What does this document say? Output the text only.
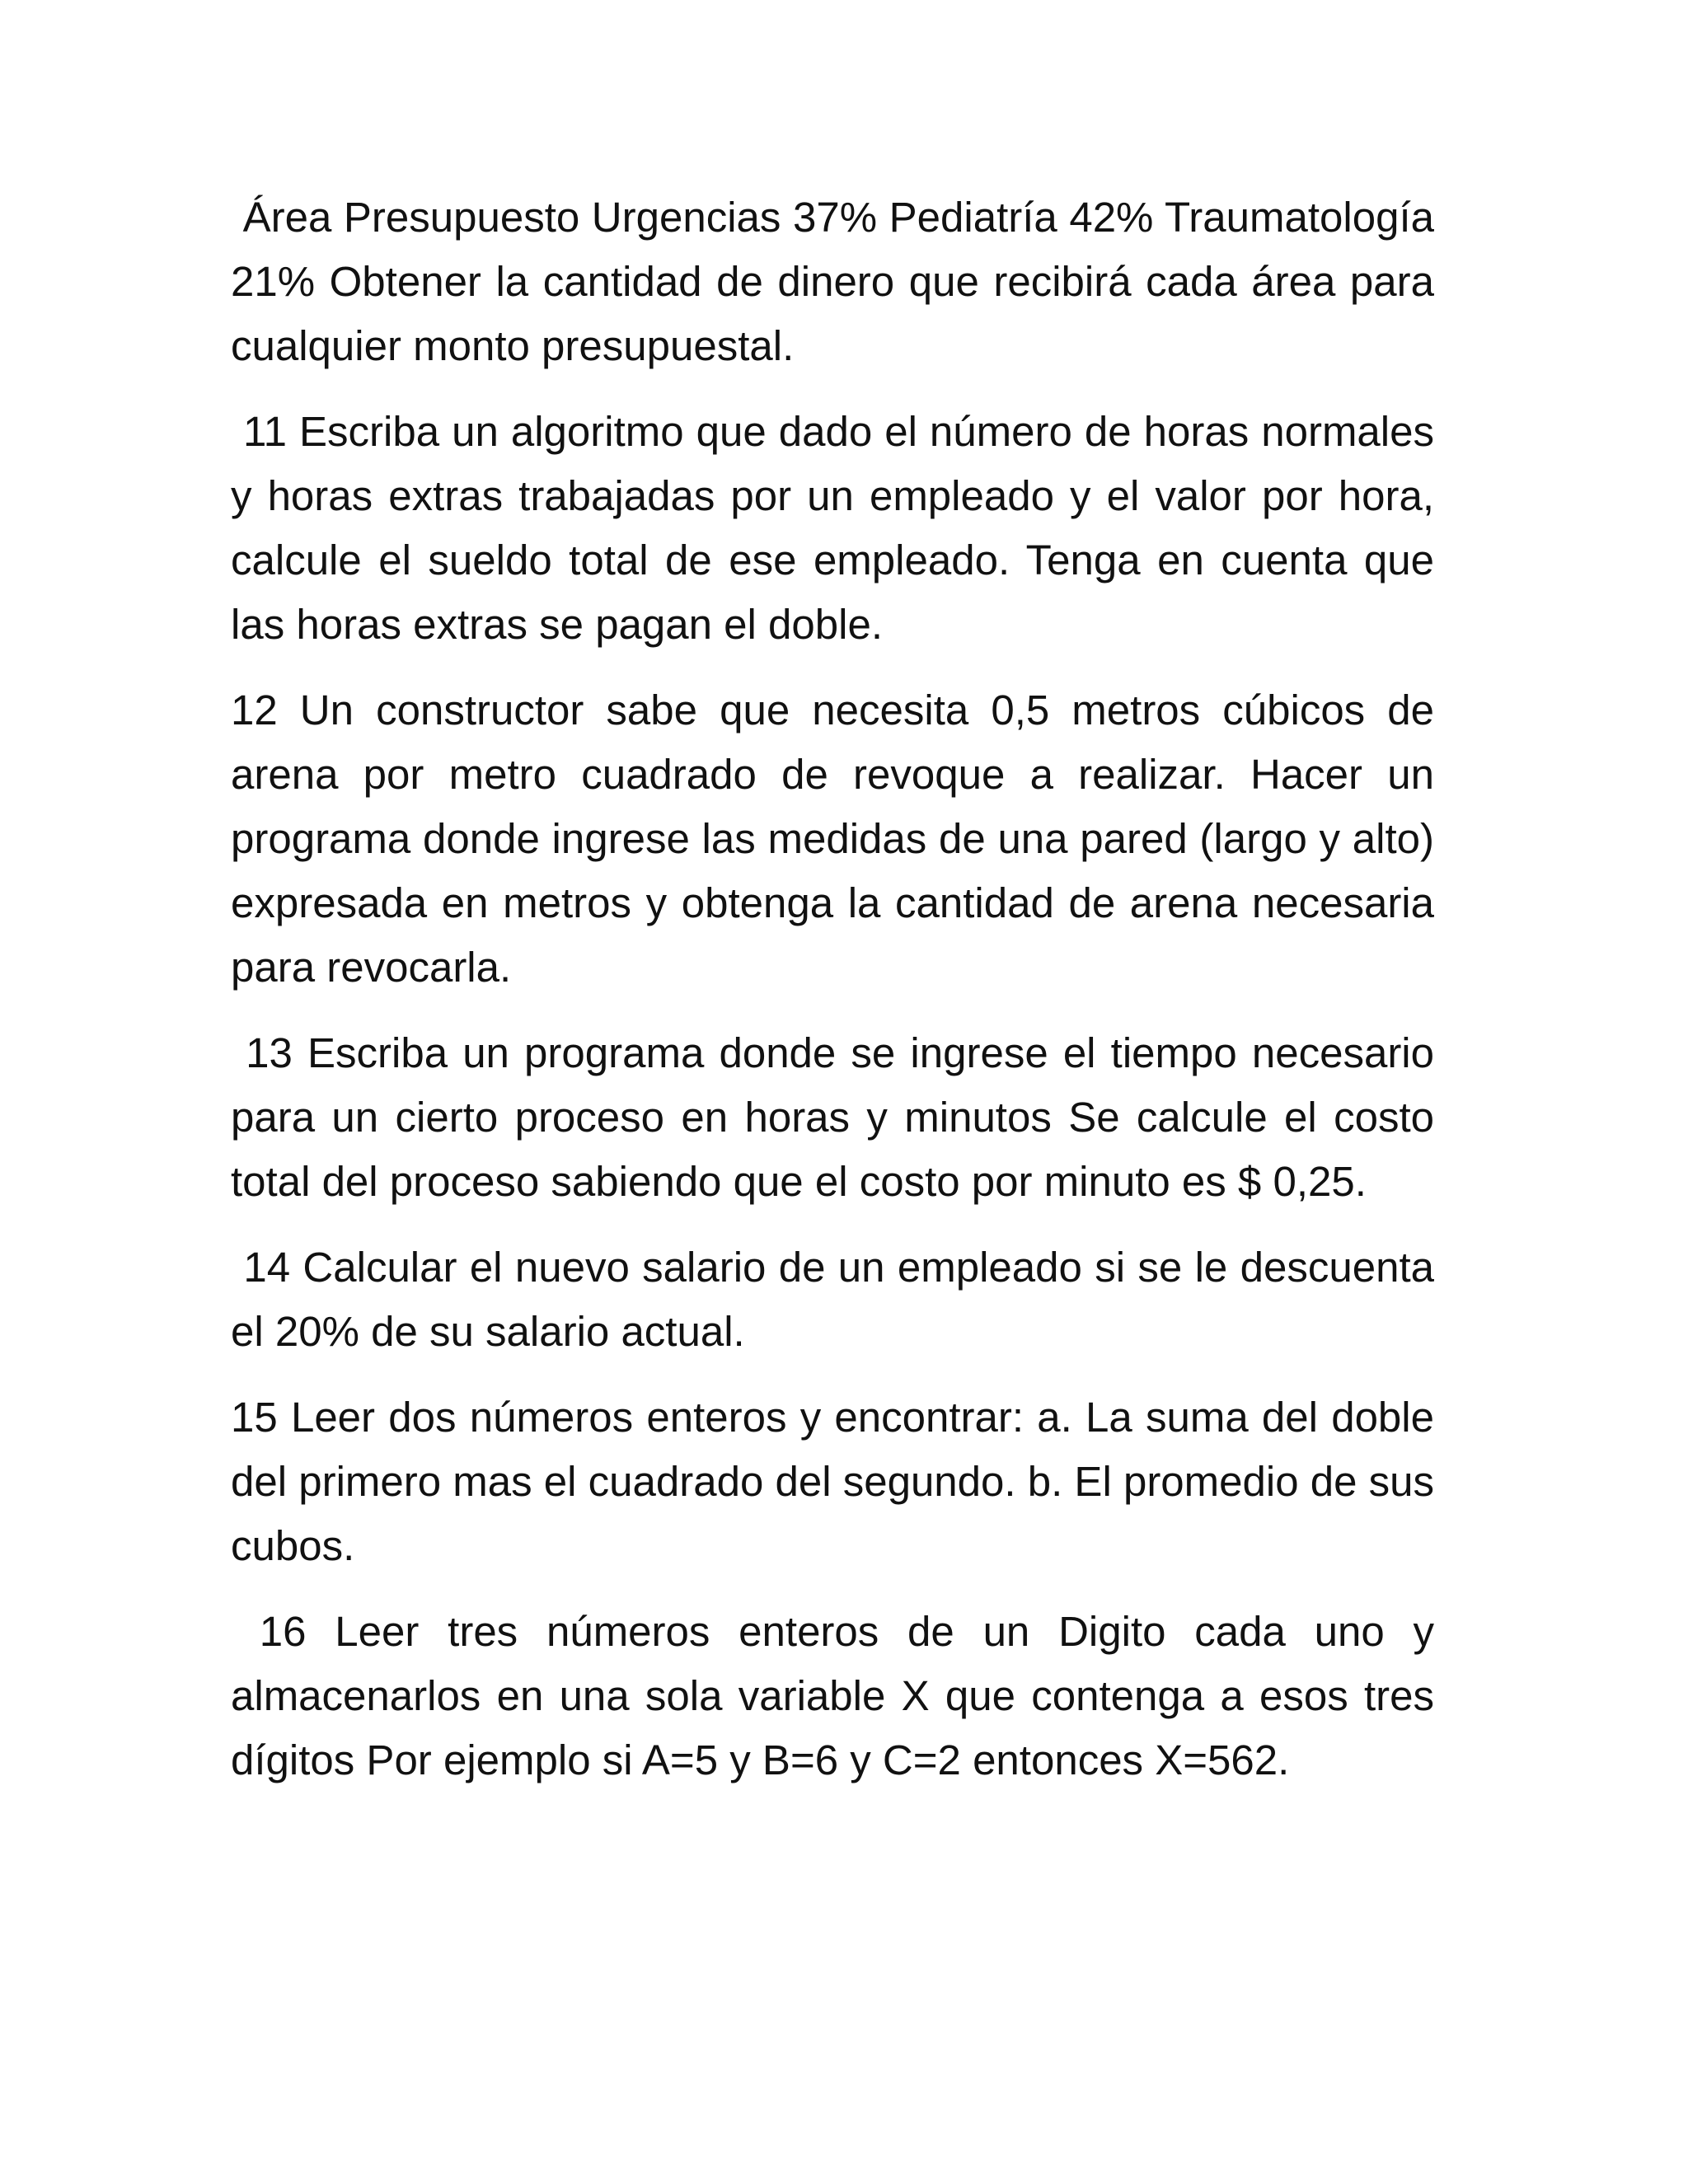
Área Presupuesto Urgencias 37% Pediatría 42% Traumatología 21% Obtener la cantidad de dinero que recibirá cada área para cualquier monto presupuestal.

11 Escriba un algoritmo que dado el número de horas normales y horas extras trabajadas por un empleado y el valor por hora, calcule el sueldo total de ese empleado. Tenga en cuenta que las horas extras se pagan el doble.

12 Un constructor sabe que necesita 0,5 metros cúbicos de arena por metro cuadrado de revoque a realizar. Hacer un programa donde ingrese las medidas de una pared (largo y alto) expresada en metros y obtenga la cantidad de arena necesaria para revocarla.

13 Escriba un programa donde se ingrese el tiempo necesario para un cierto proceso en horas y minutos Se calcule el costo total del proceso sabiendo que el costo por minuto es $ 0,25.

14 Calcular el nuevo salario de un empleado si se le descuenta el 20% de su salario actual.

15 Leer dos números enteros y encontrar: a. La suma del doble del primero mas el cuadrado del segundo. b. El promedio de sus cubos.

16 Leer tres números enteros de un Digito cada uno y almacenarlos en una sola variable X que contenga a esos tres dígitos Por ejemplo si A=5 y B=6 y C=2 entonces X=562.
